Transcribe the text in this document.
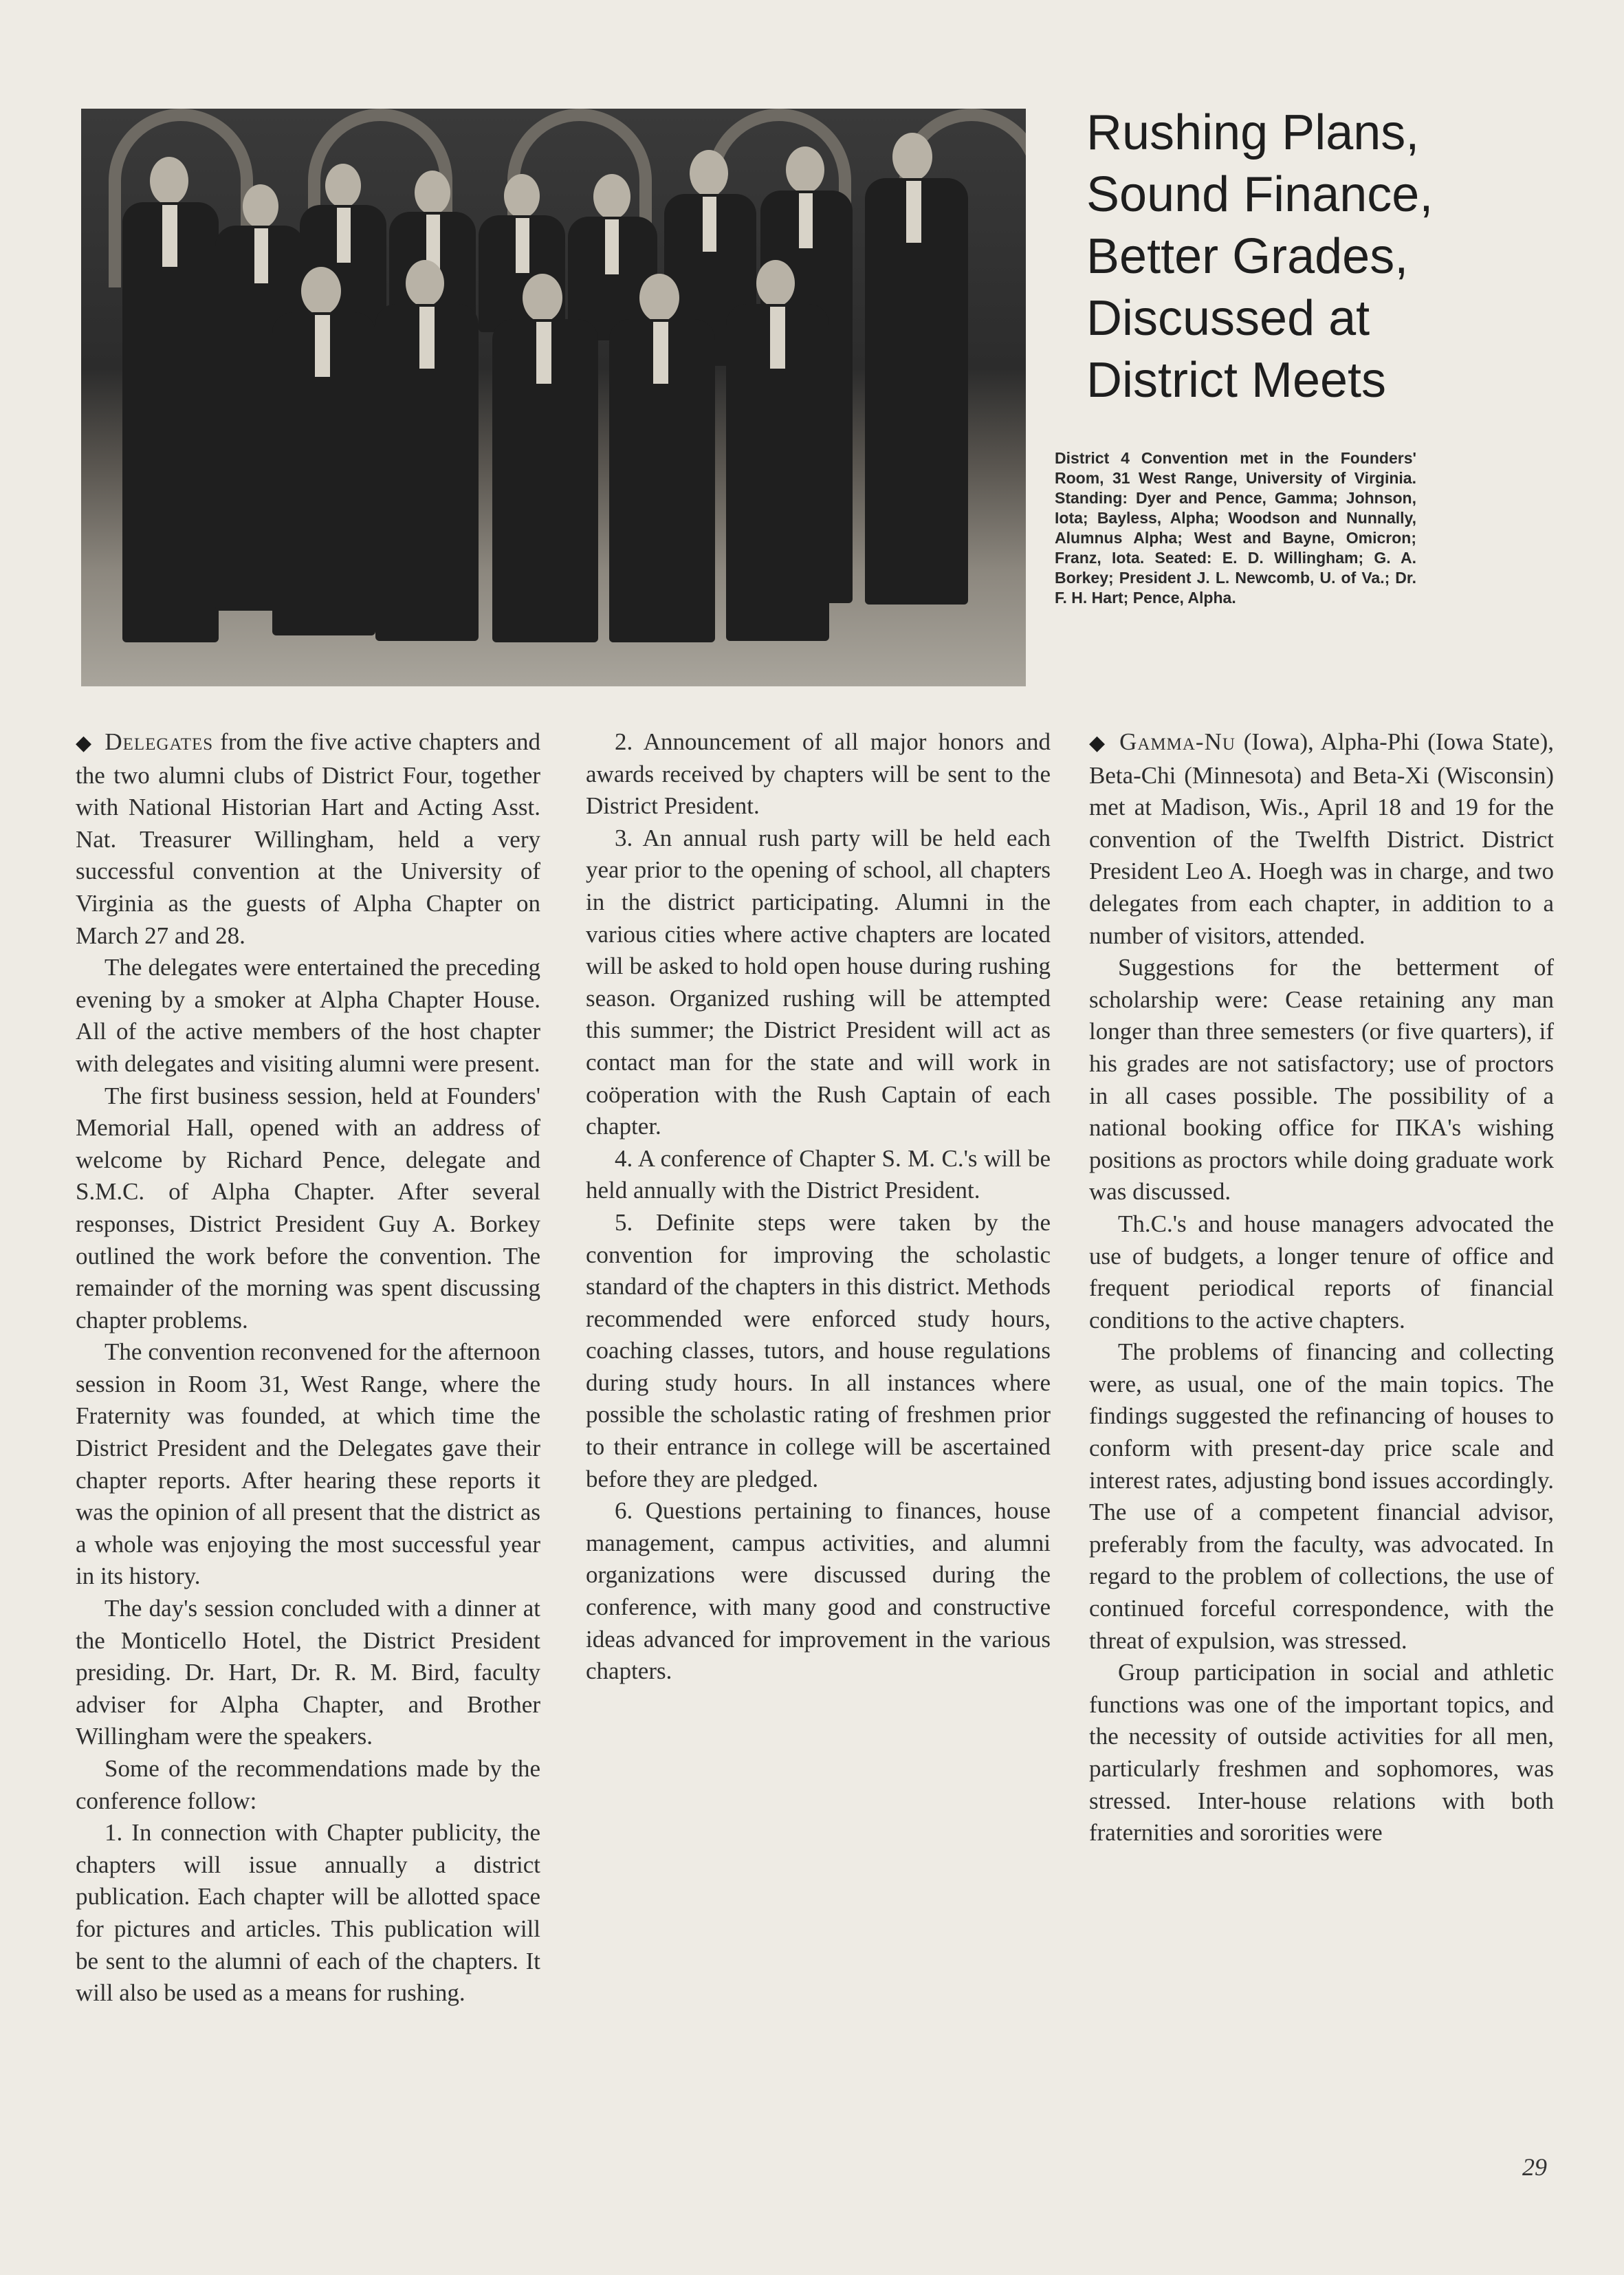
Rushing Plans,
Sound Finance,
Better Grades,
Discussed at
District Meets

District 4 Convention met in the Founders' Room, 31 West Range, University of Virginia. Standing: Dyer and Pence, Gamma; Johnson, Iota; Bayless, Alpha; Woodson and Nunnally, Alumnus Alpha; West and Bayne, Omicron; Franz, Iota. Seated: E. D. Willingham; G. A. Borkey; President J. L. Newcomb, U. of Va.; Dr. F. H. Hart; Pence, Alpha.

◆ Delegates from the five active chapters and the two alumni clubs of District Four, together with National Historian Hart and Acting Asst. Nat. Treasurer Willingham, held a very successful convention at the University of Virginia as the guests of Alpha Chapter on March 27 and 28.

The delegates were entertained the preceding evening by a smoker at Alpha Chapter House. All of the active members of the host chapter with delegates and visiting alumni were present.

The first business session, held at Founders' Memorial Hall, opened with an address of welcome by Richard Pence, delegate and S.M.C. of Alpha Chapter. After several responses, District President Guy A. Borkey outlined the work before the convention. The remainder of the morning was spent discussing chapter problems.

The convention reconvened for the afternoon session in Room 31, West Range, where the Fraternity was founded, at which time the District President and the Delegates gave their chapter reports. After hearing these reports it was the opinion of all present that the district as a whole was enjoying the most successful year in its history.

The day's session concluded with a dinner at the Monticello Hotel, the District President presiding. Dr. Hart, Dr. R. M. Bird, faculty adviser for Alpha Chapter, and Brother Willingham were the speakers.

Some of the recommendations made by the conference follow:

1. In connection with Chapter publicity, the chapters will issue annually a district publication. Each chapter will be allotted space for pictures and articles. This publication will be sent to the alumni of each of the chapters. It will also be used as a means for rushing.

2. Announcement of all major honors and awards received by chapters will be sent to the District President.

3. An annual rush party will be held each year prior to the opening of school, all chapters in the district participating. Alumni in the various cities where active chapters are located will be asked to hold open house during rushing season. Organized rushing will be attempted this summer; the District President will act as contact man for the state and will work in coöperation with the Rush Captain of each chapter.

4. A conference of Chapter S. M. C.'s will be held annually with the District President.

5. Definite steps were taken by the convention for improving the scholastic standard of the chapters in this district. Methods recommended were enforced study hours, coaching classes, tutors, and house regulations during study hours. In all instances where possible the scholastic rating of freshmen prior to their entrance in college will be ascertained before they are pledged.

6. Questions pertaining to finances, house management, campus activities, and alumni organizations were discussed during the conference, with many good and constructive ideas advanced for improvement in the various chapters.

◆ Gamma-Nu (Iowa), Alpha-Phi (Iowa State), Beta-Chi (Minnesota) and Beta-Xi (Wisconsin) met at Madison, Wis., April 18 and 19 for the convention of the Twelfth District. District President Leo A. Hoegh was in charge, and two delegates from each chapter, in addition to a number of visitors, attended.

Suggestions for the betterment of scholarship were: Cease retaining any man longer than three semesters (or five quarters), if his grades are not satisfactory; use of proctors in all cases possible. The possibility of a national booking office for ΠΚΑ's wishing positions as proctors while doing graduate work was discussed.

Th.C.'s and house managers advocated the use of budgets, a longer tenure of office and frequent periodical reports of financial conditions to the active chapters.

The problems of financing and collecting were, as usual, one of the main topics. The findings suggested the refinancing of houses to conform with present-day price scale and interest rates, adjusting bond issues accordingly. The use of a competent financial advisor, preferably from the faculty, was advocated. In regard to the problem of collections, the use of continued forceful correspondence, with the threat of expulsion, was stressed.

Group participation in social and athletic functions was one of the important topics, and the necessity of outside activities for all men, particularly freshmen and sophomores, was stressed. Inter-house relations with both fraternities and sororities were

29
